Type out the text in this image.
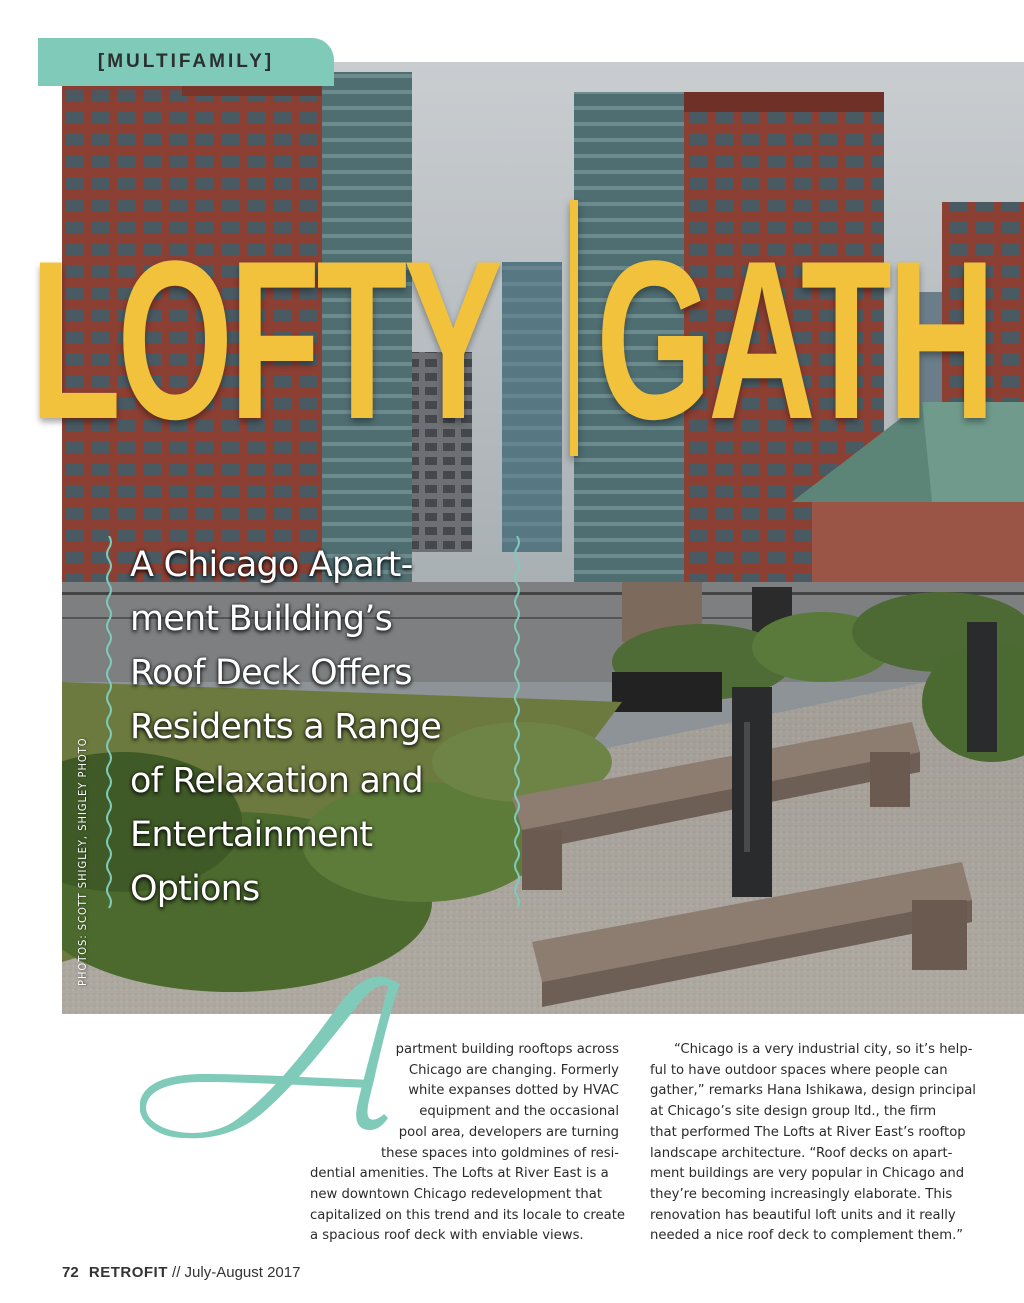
[MULTIFAMILY]
LOFTY GATH
A Chicago Apart-
ment Building’s
Roof Deck Offers
Residents a Range
of Relaxation and
Entertainment
Options
PHOTOS: SCOTT SHIGLEY, SHIGLEY PHOTO

partment building rooftops across

Chicago are changing. Formerly

white expanses dotted by HVAC

equipment and the occasional

pool area, developers are turning

these spaces into goldmines of resi-

dential amenities. The Lofts at River East is a

new downtown Chicago redevelopment that

capitalized on this trend and its locale to create

a spacious roof deck with enviable views.

“Chicago is a very industrial city, so it’s help-

ful to have outdoor spaces where people can

gather,” remarks Hana Ishikawa, design principal

at Chicago’s site design group ltd., the firm

that performed The Lofts at River East’s rooftop

landscape architecture. “Roof decks on apart-

ment buildings are very popular in Chicago and

they’re becoming increasingly elaborate. This

renovation has beautiful loft units and it really

needed a nice roof deck to complement them.”

72 RETROFIT // July-August 2017
